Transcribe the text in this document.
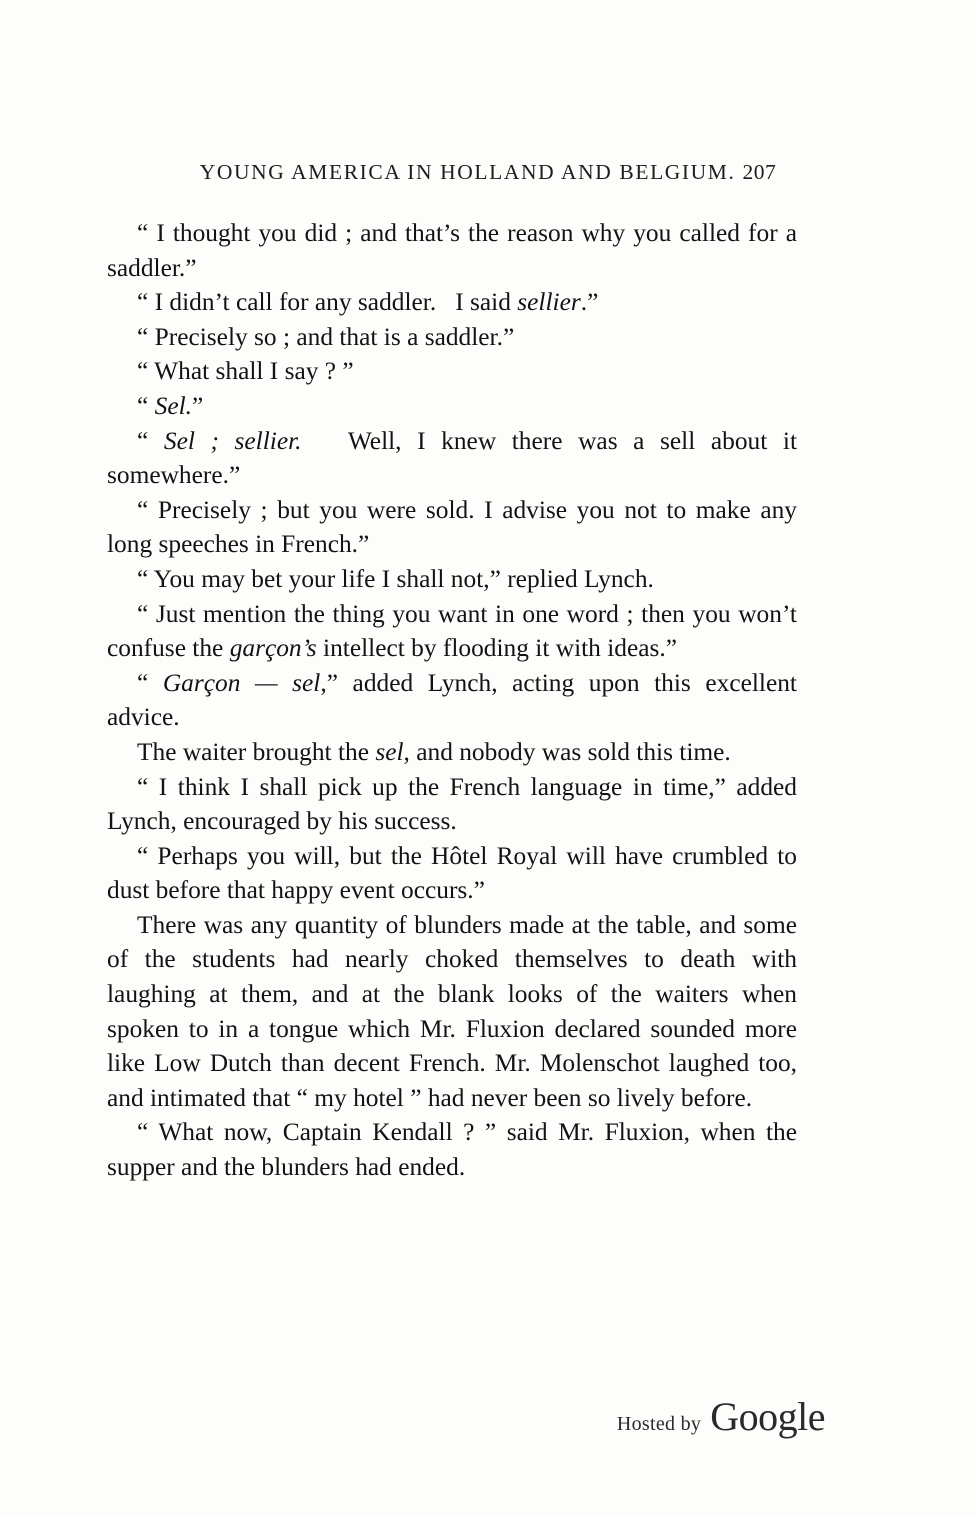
YOUNG AMERICA IN HOLLAND AND BELGIUM. 207

“ I thought you did ; and that’s the reason why you called for a saddler.”

“ I didn’t call for any saddler.   I said sellier.”

“ Precisely so ; and that is a saddler.”

“ What shall I say ? ”

“ Sel.”

“ Sel ; sellier.   Well, I knew there was a sell about it somewhere.”

“ Precisely ; but you were sold. I advise you not to make any long speeches in French.”

“ You may bet your life I shall not,” replied Lynch.

“ Just mention the thing you want in one word ; then you won’t confuse the garçon’s intellect by flooding it with ideas.”

“ Garçon — sel,” added Lynch, acting upon this excellent advice.

The waiter brought the sel, and nobody was sold this time.

“ I think I shall pick up the French language in time,” added Lynch, encouraged by his success.

“ Perhaps you will, but the Hôtel Royal will have crumbled to dust before that happy event occurs.”

There was any quantity of blunders made at the table, and some of the students had nearly choked themselves to death with laughing at them, and at the blank looks of the waiters when spoken to in a tongue which Mr. Fluxion declared sounded more like Low Dutch than decent French. Mr. Molenschot laughed too, and intimated that “ my hotel ” had never been so lively before.

“ What now, Captain Kendall ? ” said Mr. Fluxion, when the supper and the blunders had ended.

Hosted by Google
